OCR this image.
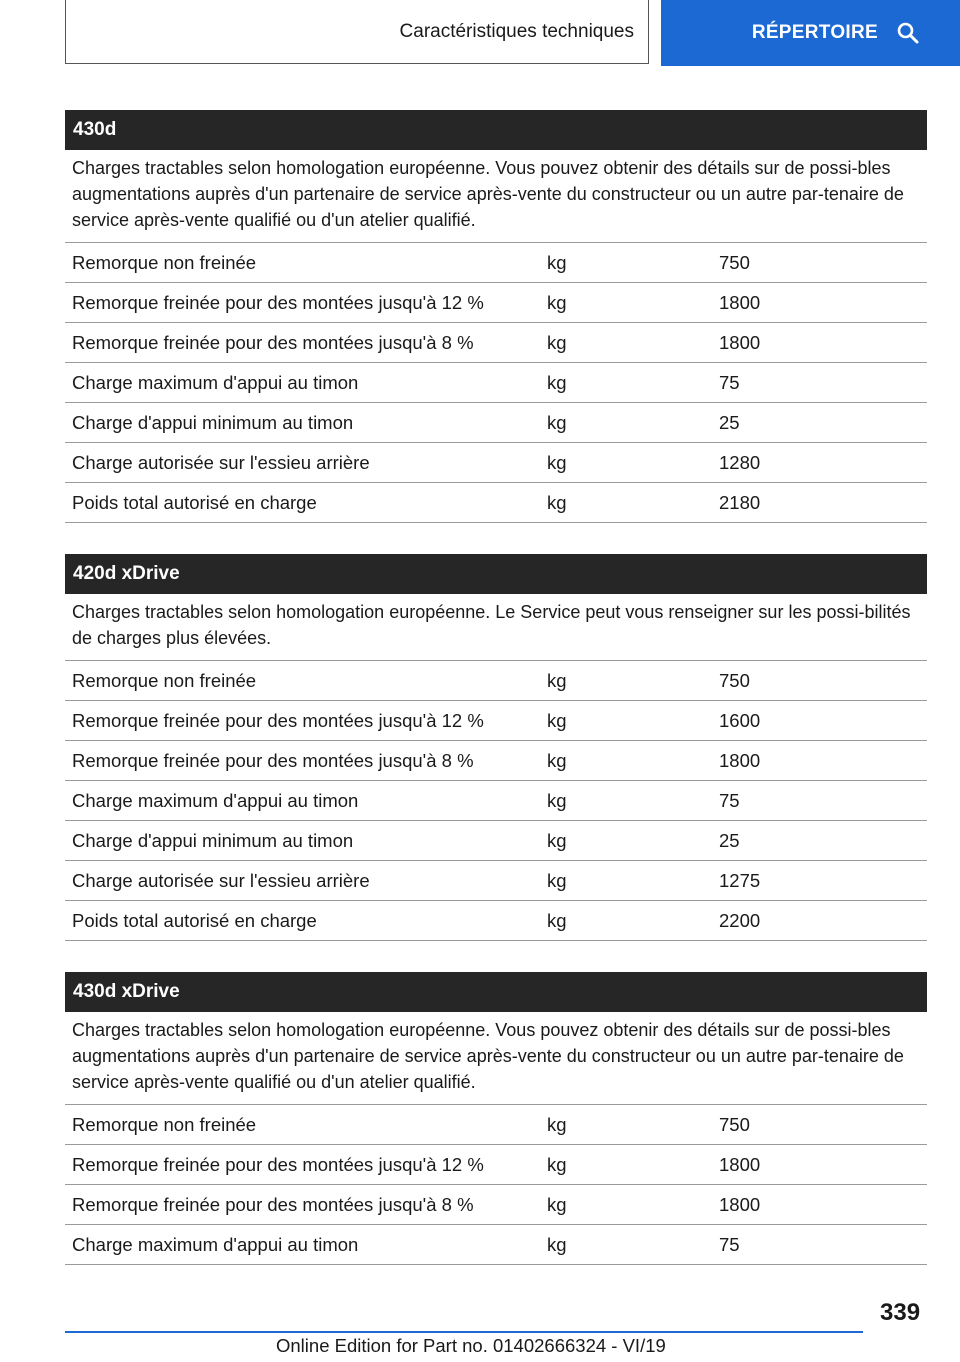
Caractéristiques techniques	RÉPERTOIRE
430d
Charges tractables selon homologation européenne. Vous pouvez obtenir des détails sur de possi-bles augmentations auprès d'un partenaire de service après-vente du constructeur ou un autre par-tenaire de service après-vente qualifié ou d'un atelier qualifié.
Remorque non freinée	kg	750
Remorque freinée pour des montées jusqu'à 12 %	kg	1800
Remorque freinée pour des montées jusqu'à 8 %	kg	1800
Charge maximum d'appui au timon	kg	75
Charge d'appui minimum au timon	kg	25
Charge autorisée sur l'essieu arrière	kg	1280
Poids total autorisé en charge	kg	2180
420d xDrive
Charges tractables selon homologation européenne. Le Service peut vous renseigner sur les possi-bilités de charges plus élevées.
Remorque non freinée	kg	750
Remorque freinée pour des montées jusqu'à 12 %	kg	1600
Remorque freinée pour des montées jusqu'à 8 %	kg	1800
Charge maximum d'appui au timon	kg	75
Charge d'appui minimum au timon	kg	25
Charge autorisée sur l'essieu arrière	kg	1275
Poids total autorisé en charge	kg	2200
430d xDrive
Charges tractables selon homologation européenne. Vous pouvez obtenir des détails sur de possi-bles augmentations auprès d'un partenaire de service après-vente du constructeur ou un autre par-tenaire de service après-vente qualifié ou d'un atelier qualifié.
Remorque non freinée	kg	750
Remorque freinée pour des montées jusqu'à 12 %	kg	1800
Remorque freinée pour des montées jusqu'à 8 %	kg	1800
Charge maximum d'appui au timon	kg	75
339
Online Edition for Part no. 01402666324 - VI/19
